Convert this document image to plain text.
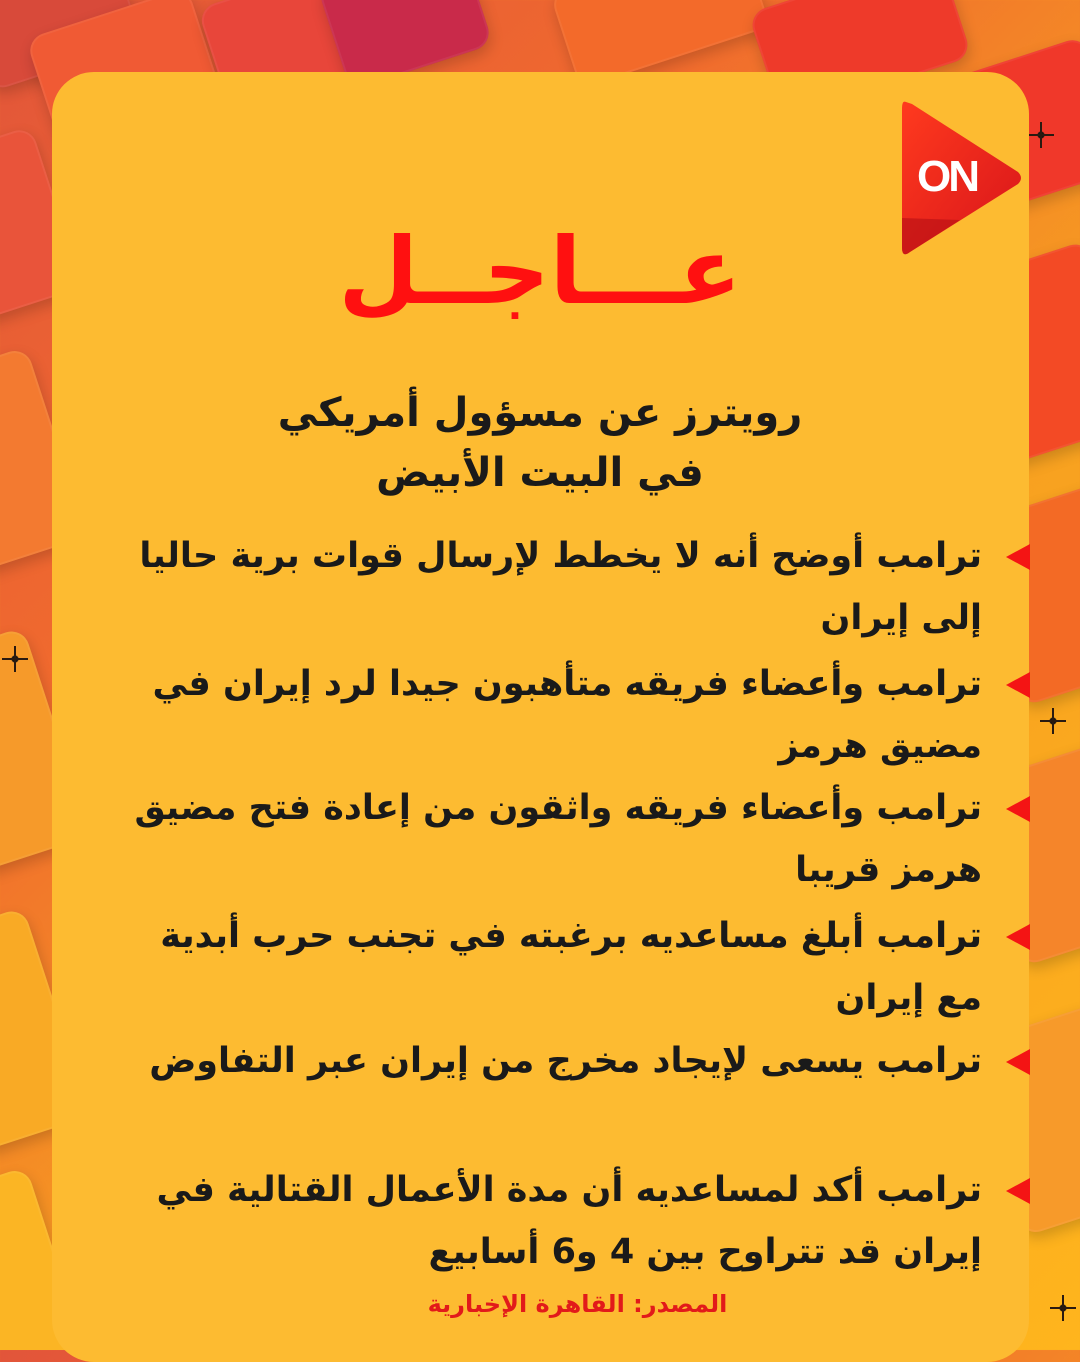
ON
عـــاجــل
رويترز عن مسؤول أمريكي
في البيت الأبيض
ترامب أوضح أنه لا يخطط لإرسال قوات برية حاليا إلى إيران
ترامب وأعضاء فريقه متأهبون جيدا لرد إيران في مضيق هرمز
ترامب وأعضاء فريقه واثقون من إعادة فتح مضيق هرمز قريبا
ترامب أبلغ مساعديه برغبته في تجنب حرب أبدية مع إيران
ترامب يسعى لإيجاد مخرج من إيران عبر التفاوض
ترامب أكد لمساعديه أن مدة الأعمال القتالية في إيران قد تتراوح بين 4 و6 أسابيع
المصدر: القاهرة الإخبارية
